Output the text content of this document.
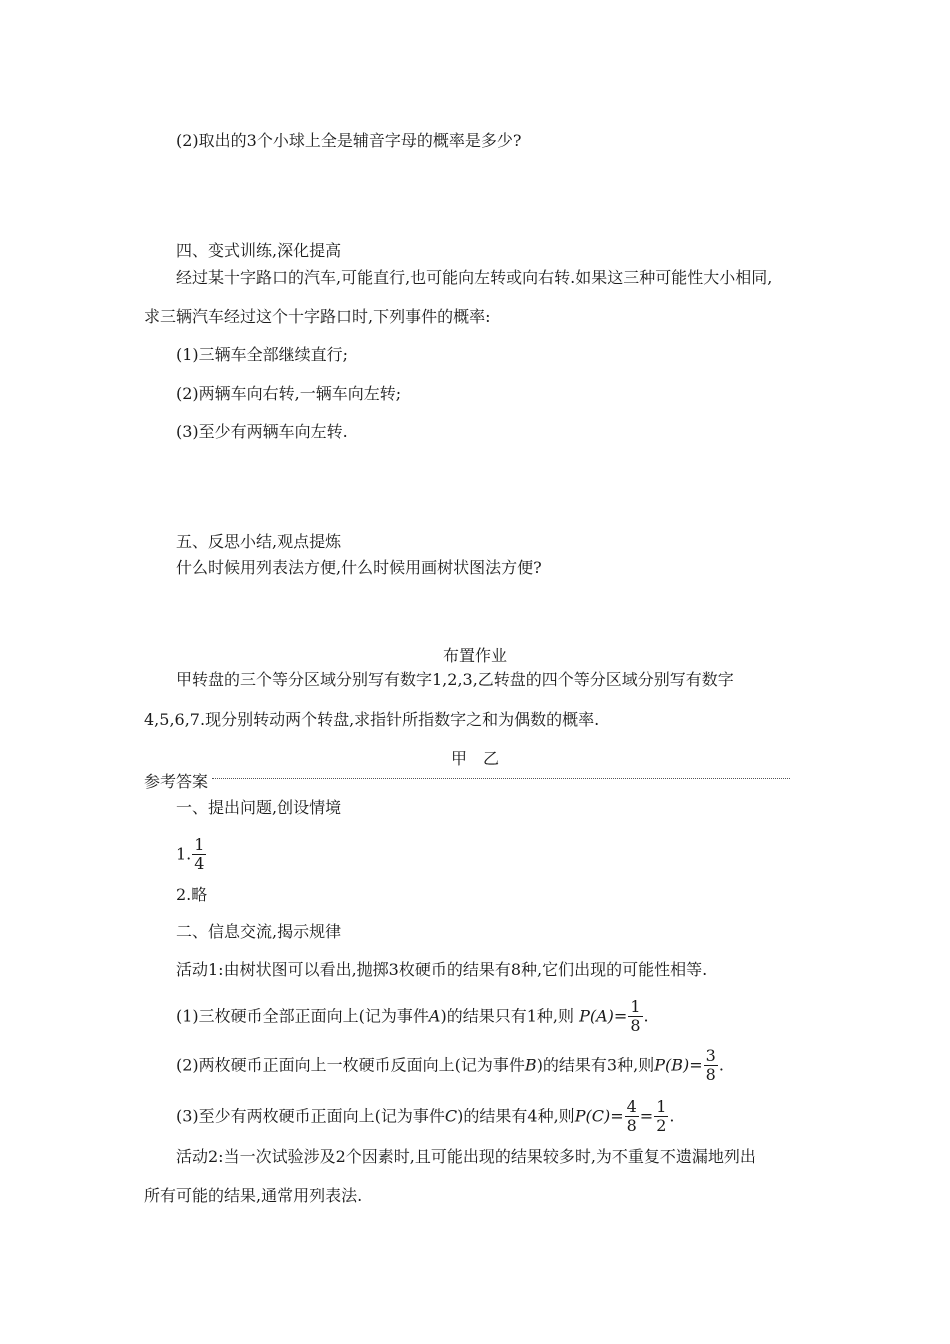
(2)取出的3个小球上全是辅音字母的概率是多少?
四、变式训练,深化提高
经过某十字路口的汽车,可能直行,也可能向左转或向右转.如果这三种可能性大小相同,
求三辆汽车经过这个十字路口时,下列事件的概率:
(1)三辆车全部继续直行;
(2)两辆车向右转,一辆车向左转;
(3)至少有两辆车向左转.
五、反思小结,观点提炼
什么时候用列表法方便,什么时候用画树状图法方便?
布置作业
甲转盘的三个等分区域分别写有数字1,2,3,乙转盘的四个等分区域分别写有数字
4,5,6,7.现分别转动两个转盘,求指针所指数字之和为偶数的概率.
甲　乙
参考答案
一、提出问题,创设情境
1. $\frac{1}{4}$
2.略
二、信息交流,揭示规律
活动1:由树状图可以看出,抛掷3枚硬币的结果有8种,它们出现的可能性相等.
(1)三枚硬币全部正面向上(记为事件A)的结果只有1种,则 $P(A)= \frac{1}{8}$ .
(2)两枚硬币正面向上一枚硬币反面向上(记为事件B)的结果有3种,则$P(B)= \frac{3}{8}$ .
(3)至少有两枚硬币正面向上(记为事件C)的结果有4种,则$P(C)= \frac{4}{8} = \frac{1}{2}$ .
活动2:当一次试验涉及2个因素时,且可能出现的结果较多时,为不重复不遗漏地列出
所有可能的结果,通常用列表法.
